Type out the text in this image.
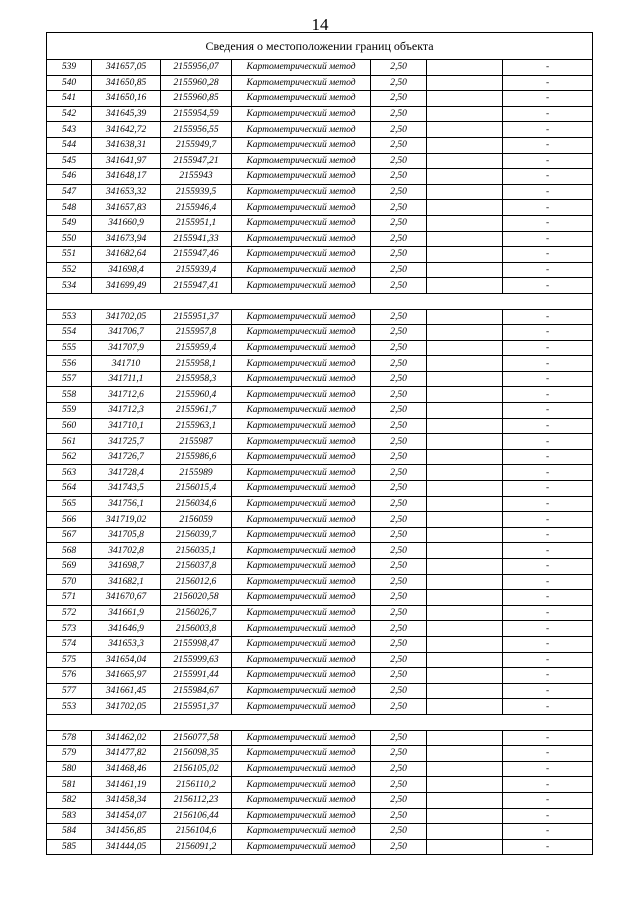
14
Сведения о местоположении границ объекта						
539	341657,05	2155956,07	Картометрический метод	2,50		-
540	341650,85	2155960,28	Картометрический метод	2,50		-
541	341650,16	2155960,85	Картометрический метод	2,50		-
542	341645,39	2155954,59	Картометрический метод	2,50		-
543	341642,72	2155956,55	Картометрический метод	2,50		-
544	341638,31	2155949,7	Картометрический метод	2,50		-
545	341641,97	2155947,21	Картометрический метод	2,50		-
546	341648,17	2155943	Картометрический метод	2,50		-
547	341653,32	2155939,5	Картометрический метод	2,50		-
548	341657,83	2155946,4	Картометрический метод	2,50		-
549	341660,9	2155951,1	Картометрический метод	2,50		-
550	341673,94	2155941,33	Картометрический метод	2,50		-
551	341682,64	2155947,46	Картометрический метод	2,50		-
552	341698,4	2155939,4	Картометрический метод	2,50		-
534	341699,49	2155947,41	Картометрический метод	2,50		-

553	341702,05	2155951,37	Картометрический метод	2,50		-
554	341706,7	2155957,8	Картометрический метод	2,50		-
555	341707,9	2155959,4	Картометрический метод	2,50		-
556	341710	2155958,1	Картометрический метод	2,50		-
557	341711,1	2155958,3	Картометрический метод	2,50		-
558	341712,6	2155960,4	Картометрический метод	2,50		-
559	341712,3	2155961,7	Картометрический метод	2,50		-
560	341710,1	2155963,1	Картометрический метод	2,50		-
561	341725,7	2155987	Картометрический метод	2,50		-
562	341726,7	2155986,6	Картометрический метод	2,50		-
563	341728,4	2155989	Картометрический метод	2,50		-
564	341743,5	2156015,4	Картометрический метод	2,50		-
565	341756,1	2156034,6	Картометрический метод	2,50		-
566	341719,02	2156059	Картометрический метод	2,50		-
567	341705,8	2156039,7	Картометрический метод	2,50		-
568	341702,8	2156035,1	Картометрический метод	2,50		-
569	341698,7	2156037,8	Картометрический метод	2,50		-
570	341682,1	2156012,6	Картометрический метод	2,50		-
571	341670,67	2156020,58	Картометрический метод	2,50		-
572	341661,9	2156026,7	Картометрический метод	2,50		-
573	341646,9	2156003,8	Картометрический метод	2,50		-
574	341653,3	2155998,47	Картометрический метод	2,50		-
575	341654,04	2155999,63	Картометрический метод	2,50		-
576	341665,97	2155991,44	Картометрический метод	2,50		-
577	341661,45	2155984,67	Картометрический метод	2,50		-
553	341702,05	2155951,37	Картометрический метод	2,50		-

578	341462,02	2156077,58	Картометрический метод	2,50		-
579	341477,82	2156098,35	Картометрический метод	2,50		-
580	341468,46	2156105,02	Картометрический метод	2,50		-
581	341461,19	2156110,2	Картометрический метод	2,50		-
582	341458,34	2156112,23	Картометрический метод	2,50		-
583	341454,07	2156106,44	Картометрический метод	2,50		-
584	341456,85	2156104,6	Картометрический метод	2,50		-
585	341444,05	2156091,2	Картометрический метод	2,50		-
